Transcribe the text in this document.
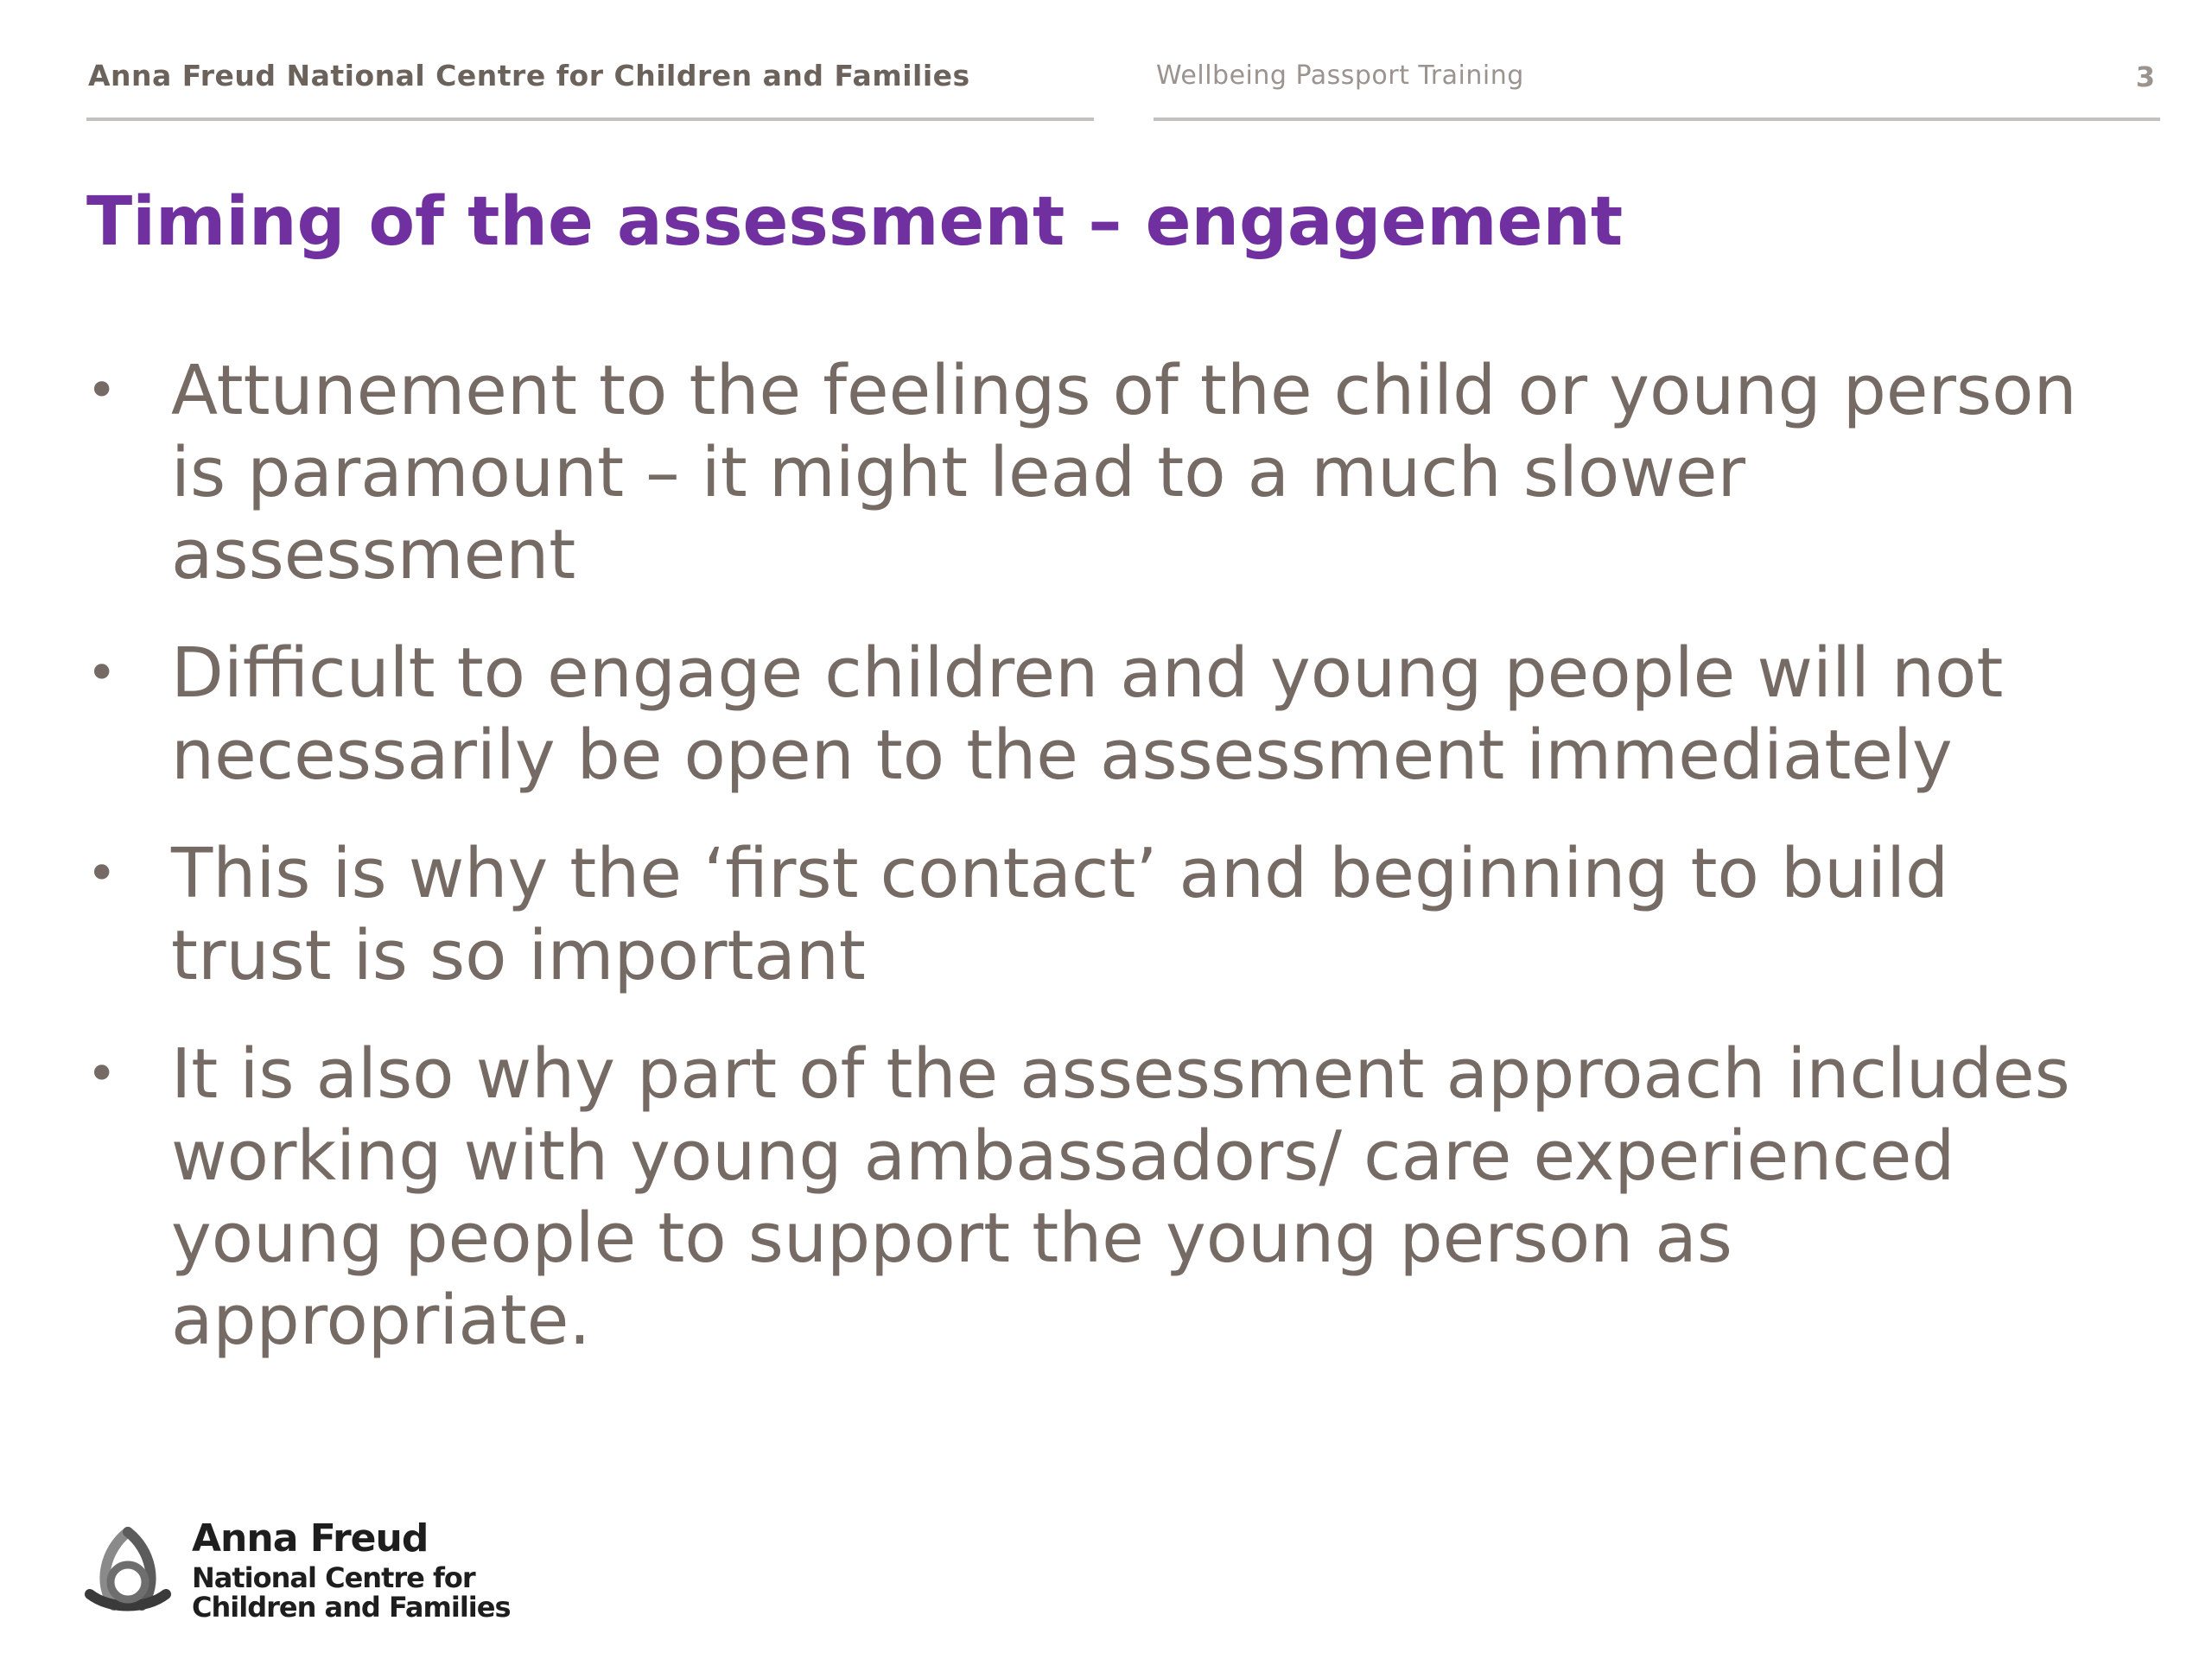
Anna Freud National Centre for Children and Families	Wellbeing Passport Training	3
Timing of the assessment – engagement
• Attunement to the feelings of the child or young person is paramount – it might lead to a much slower assessment
• Difficult to engage children and young people will not necessarily be open to the assessment immediately
• This is why the ‘first contact’ and beginning to build trust is so important
• It is also why part of the assessment approach includes working with young ambassadors/ care experienced young people to support the young person as appropriate.
Anna Freud
National Centre for
Children and Families
